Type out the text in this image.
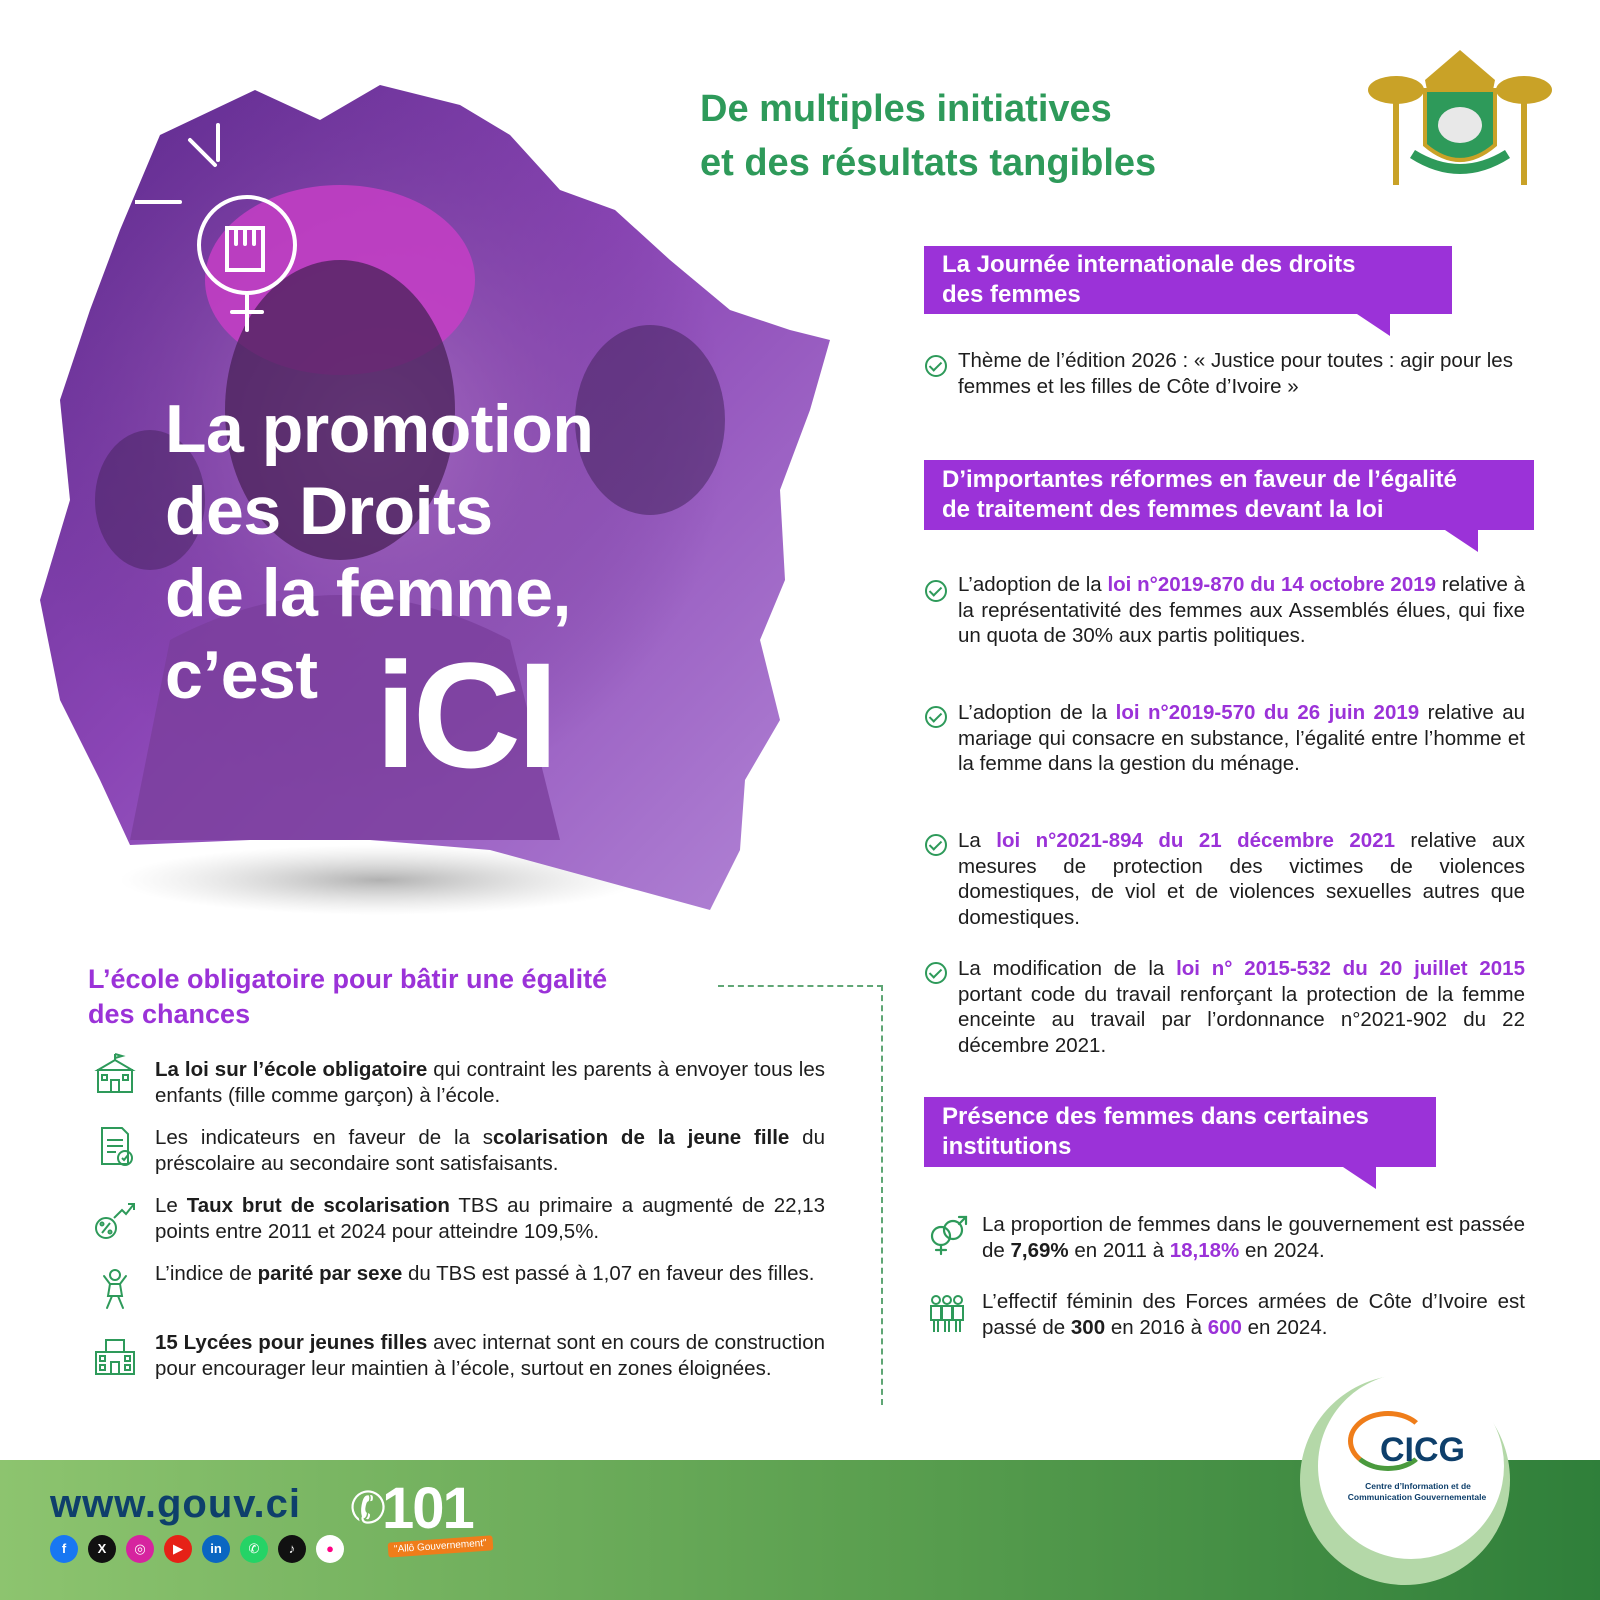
La promotion
des Droits
de la femme,
c’est iCI
De multiples initiatives
et des résultats tangibles
La Journée internationale des droits
des femmes
Thème de l’édition 2026 : « Justice pour toutes : agir pour les femmes et les filles de Côte d’Ivoire »
D’importantes réformes en faveur de l’égalité
de traitement des femmes devant la loi
L’adoption de la loi n°2019-870 du 14 octobre 2019 relative à la représentativité des femmes aux Assemblés élues, qui fixe un quota de 30% aux partis politiques.
L’adoption de la loi n°2019-570 du 26 juin 2019 relative au mariage qui consacre en substance, l’égalité entre l’homme et la femme dans la gestion du ménage.
La loi n°2021-894 du 21 décembre 2021 relative aux mesures de protection des victimes de violences domestiques, de viol et de violences sexuelles autres que domestiques.
La modification de la loi n° 2015-532 du 20 juillet 2015 portant code du travail renforçant la protection de la femme enceinte au travail par l’ordonnance n°2021-902 du 22 décembre 2021.
Présence des femmes dans certaines
institutions
La proportion de femmes dans le gouvernement est passée de 7,69% en 2011 à 18,18% en 2024.
L’effectif féminin des Forces armées de Côte d’Ivoire est passé de 300 en 2016 à 600 en 2024.
L’école obligatoire pour bâtir une égalité
des chances
La loi sur l’école obligatoire qui contraint les parents à envoyer tous les enfants (fille comme garçon) à l’école.
Les indicateurs en faveur de la scolarisation de la jeune fille du préscolaire au secondaire sont satisfaisants.
Le Taux brut de scolarisation TBS au primaire a augmenté de 22,13 points entre 2011 et 2024 pour atteindre 109,5%.
L’indice de parité par sexe du TBS est passé à 1,07 en faveur des filles.
15 Lycées pour jeunes filles avec internat sont en cours de construction pour encourager leur maintien à l’école, surtout en zones éloignées.
www.gouv.ci
f	X	◎	▶	in	✆	♪	●
✆
101
"Allô Gouvernement"
CICG
Centre d’Information et de
Communication Gouvernementale
